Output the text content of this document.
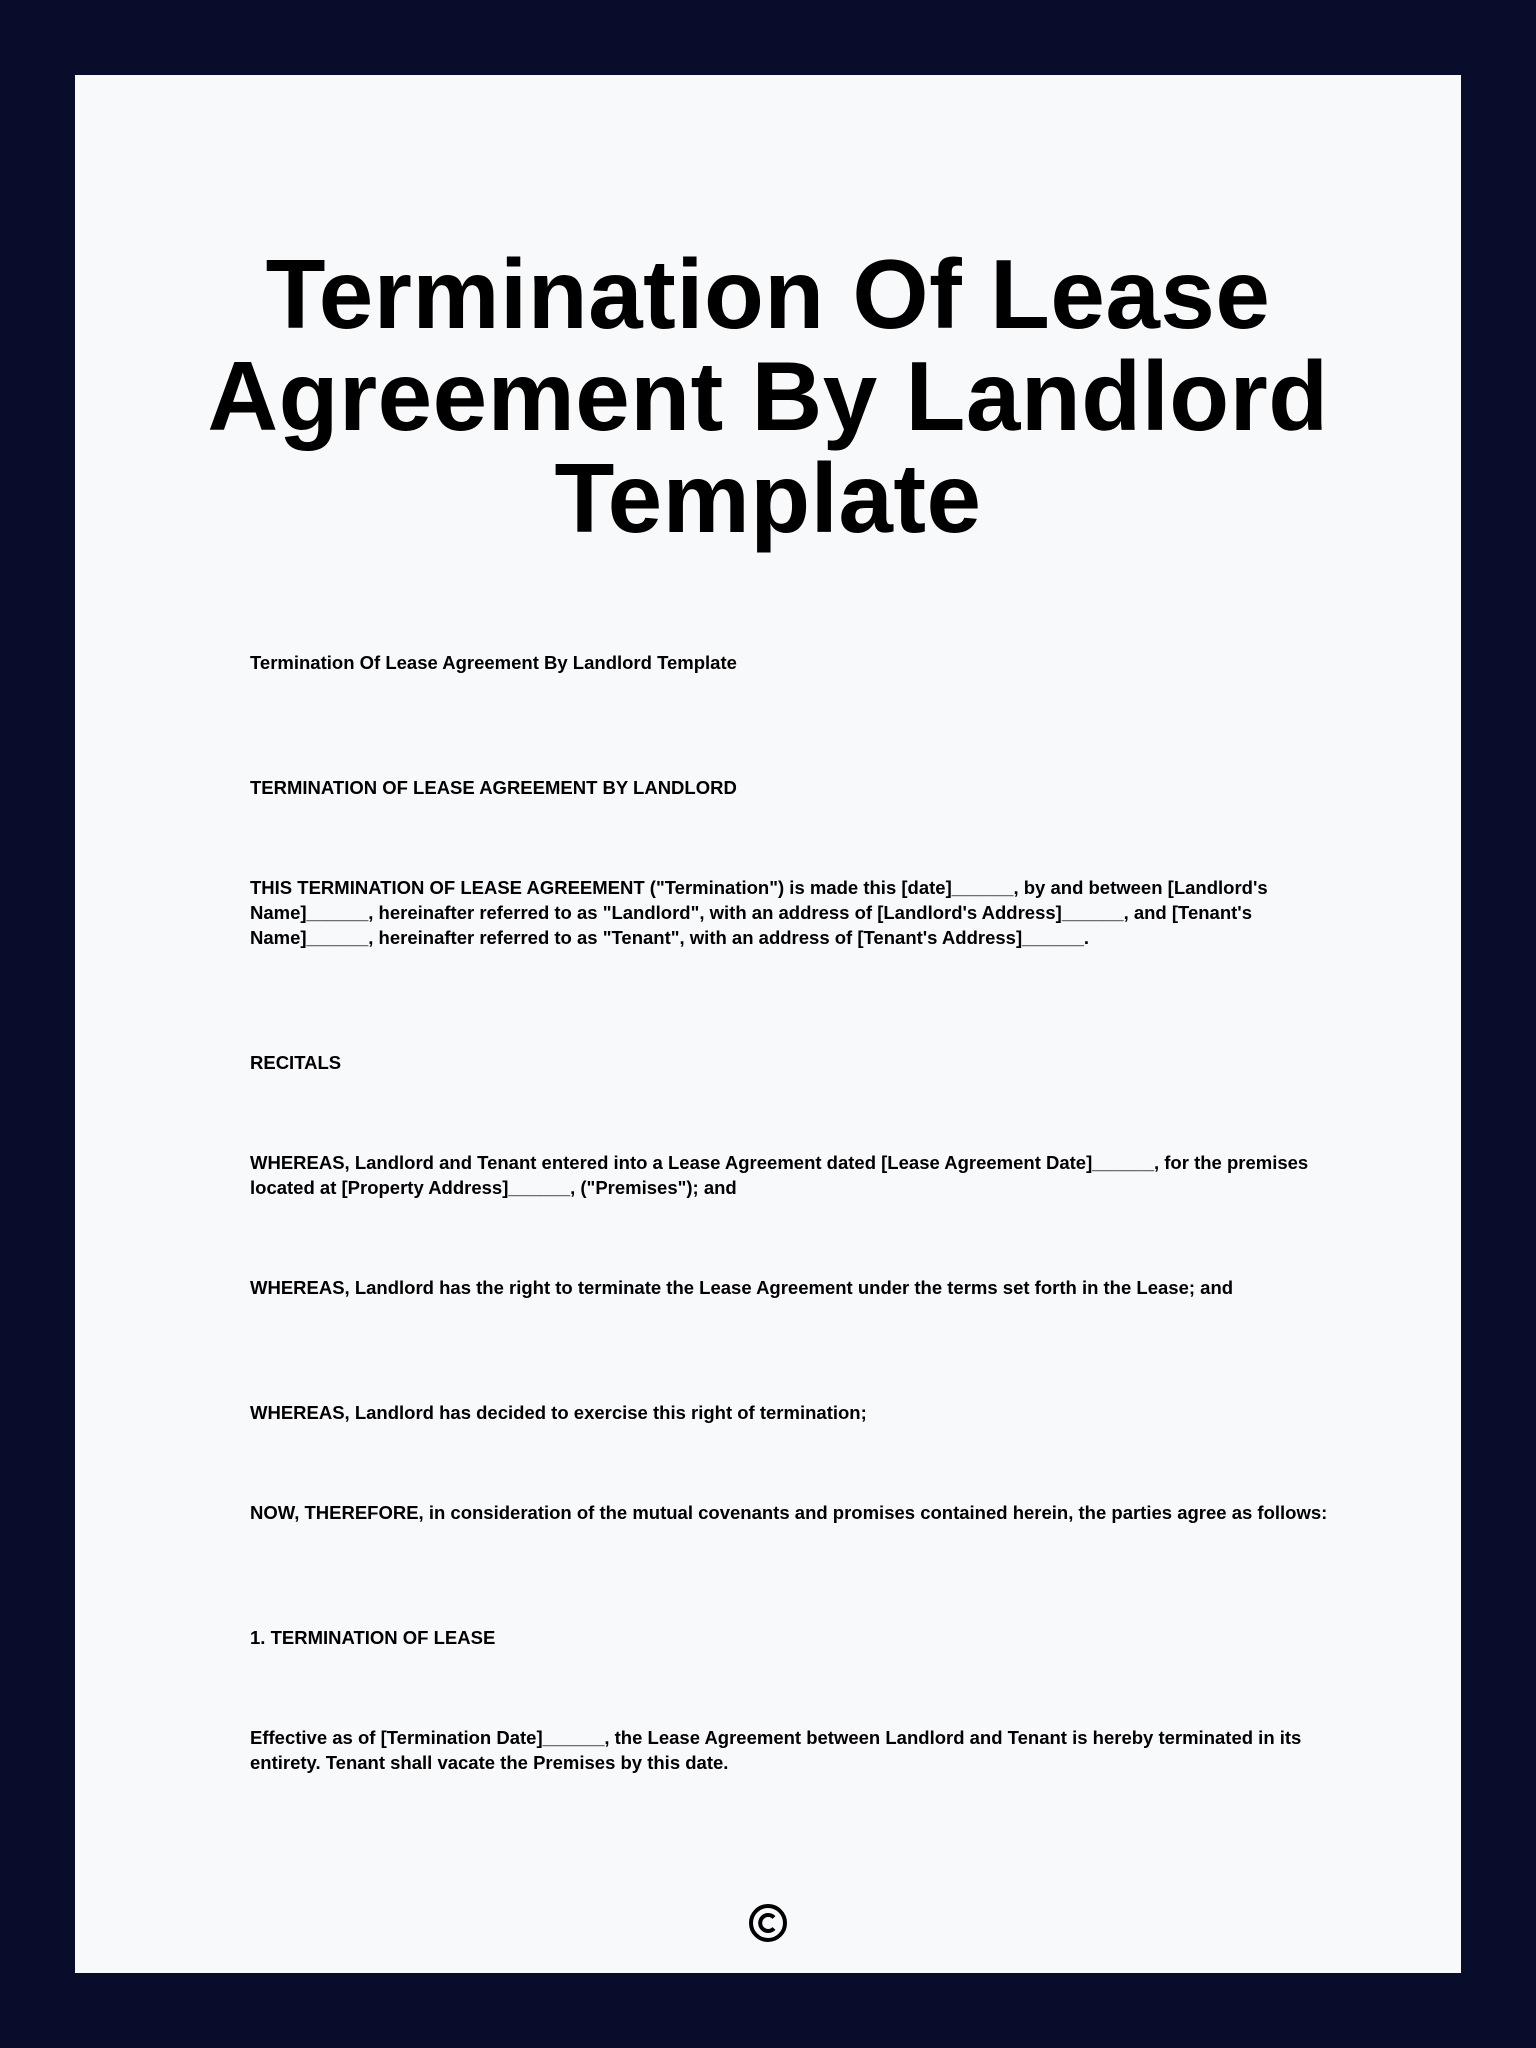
Termination Of Lease Agreement By Landlord Template

Termination Of Lease Agreement By Landlord Template

TERMINATION OF LEASE AGREEMENT BY LANDLORD

THIS TERMINATION OF LEASE AGREEMENT ("Termination") is made this [date]______, by and between [Landlord's Name]______, hereinafter referred to as "Landlord", with an address of [Landlord's Address]______, and [Tenant's Name]______, hereinafter referred to as "Tenant", with an address of [Tenant's Address]______.

RECITALS

WHEREAS, Landlord and Tenant entered into a Lease Agreement dated [Lease Agreement Date]______, for the premises located at [Property Address]______, ("Premises"); and

WHEREAS, Landlord has the right to terminate the Lease Agreement under the terms set forth in the Lease; and

WHEREAS, Landlord has decided to exercise this right of termination;

NOW, THEREFORE, in consideration of the mutual covenants and promises contained herein, the parties agree as follows:

1. TERMINATION OF LEASE

Effective as of [Termination Date]______, the Lease Agreement between Landlord and Tenant is hereby terminated in its entirety. Tenant shall vacate the Premises by this date.
